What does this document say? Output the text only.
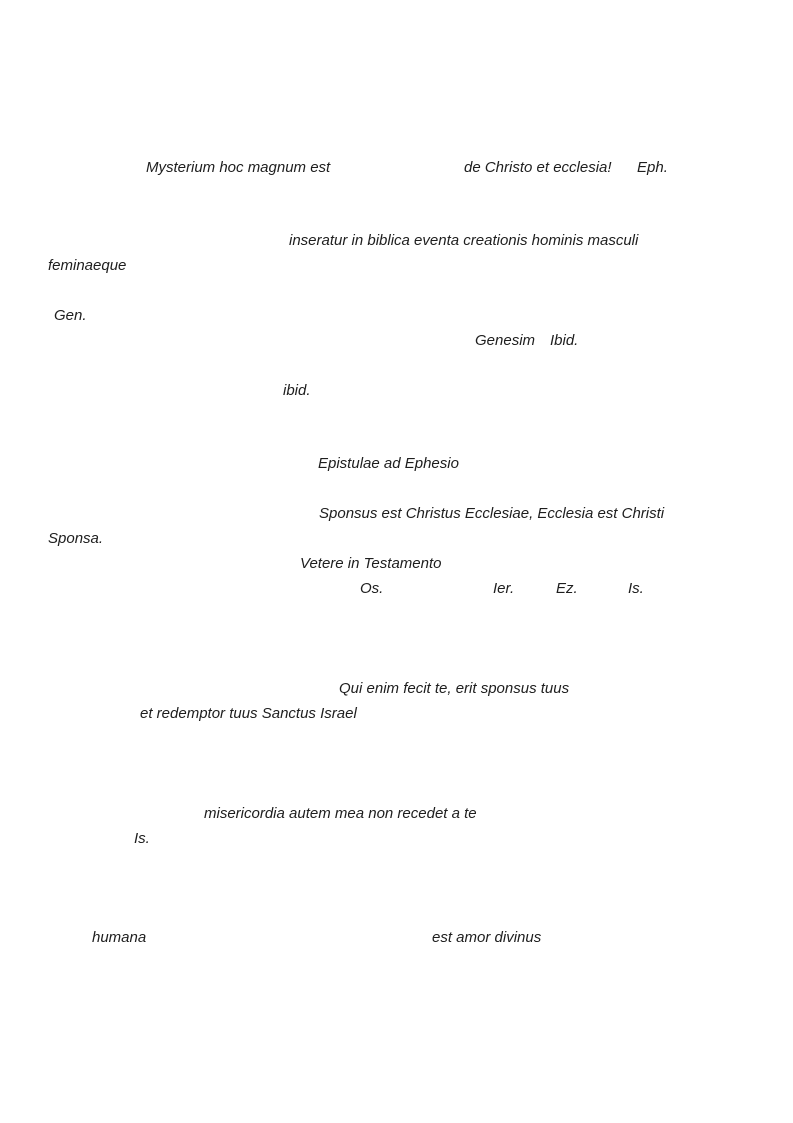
Mysterium hoc magnum est	de Christo et ecclesia! Eph.
inseratur in biblica eventa creationis hominis masculi
feminaeque
Gen.
Genesim Ibid.
ibid.
Epistulae ad Ephesio
Sponsus est Christus Ecclesiae, Ecclesia est Christi
Sponsa.
Vetere in Testamento
Os.	Ier.	Ez.	Is.
Qui enim fecit te, erit sponsus tuus
et redemptor tuus Sanctus Israel
misericordia autem mea non recedet a te
Is.
humana	est amor divinus
